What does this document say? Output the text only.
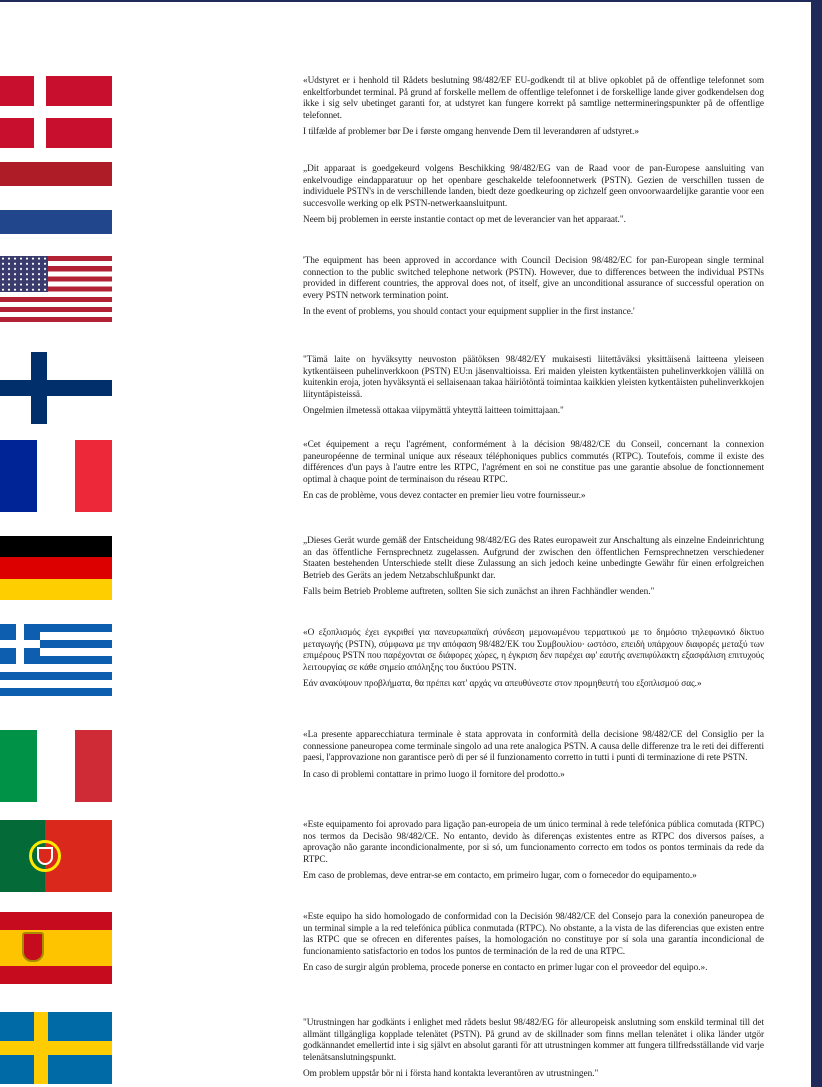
«Udstyret er i henhold til Rådets beslutning 98/482/EF EU-godkendt til at blive opkoblet på de offentlige telefonnet som enkeltforbundet terminal. På grund af forskelle mellem de offentlige telefonnet i de forskellige lande giver godkendelsen dog ikke i sig selv ubetinget garanti for, at udstyret kan fungere korrekt på samtlige nettermineringspunkter på de offentlige telefonnet.

I tilfælde af problemer bør De i første omgang henvende Dem til leverandøren af udstyret.»

„Dit apparaat is goedgekeurd volgens Beschikking 98/482/EG van de Raad voor de pan-Europese aansluiting van enkelvoudige eindapparatuur op het openbare geschakelde telefoonnetwerk (PSTN). Gezien de verschillen tussen de individuele PSTN's in de verschillende landen, biedt deze goedkeuring op zichzelf geen onvoorwaardelijke garantie voor een succesvolle werking op elk PSTN-netwerkaansluitpunt.

Neem bij problemen in eerste instantie contact op met de leverancier van het apparaat.".

'The equipment has been approved in accordance with Council Decision 98/482/EC for pan-European single terminal connection to the public switched telephone network (PSTN). However, due to differences between the individual PSTNs provided in different countries, the approval does not, of itself, give an unconditional assurance of successful operation on every PSTN network termination point.

In the event of problems, you should contact your equipment supplier in the first instance.'

"Tämä laite on hyväksytty neuvoston päätöksen 98/482/EY mukaisesti liitettäväksi yksittäisenä laitteena yleiseen kytkentäiseen puhelinverkkoon (PSTN) EU:n jäsenvaltioissa. Eri maiden yleisten kytkentäisten puhelinverkkojen välillä on kuitenkin eroja, joten hyväksyntä ei sellaisenaan takaa häiriötöntä toimintaa kaikkien yleisten kytkentäisten puhelinverkkojen liityntäpisteissä.

Ongelmien ilmetessä ottakaa viipymättä yhteyttä laitteen toimittajaan."

«Cet équipement a reçu l'agrément, conformément à la décision 98/482/CE du Conseil, concernant la connexion paneuropéenne de terminal unique aux réseaux téléphoniques publics commutés (RTPC). Toutefois, comme il existe des différences d'un pays à l'autre entre les RTPC, l'agrément en soi ne constitue pas une garantie absolue de fonctionnement optimal à chaque point de terminaison du réseau RTPC.

En cas de problème, vous devez contacter en premier lieu votre fournisseur.»

„Dieses Gerät wurde gemäß der Entscheidung 98/482/EG des Rates europaweit zur Anschaltung als einzelne Endeinrichtung an das öffentliche Fernsprechnetz zugelassen. Aufgrund der zwischen den öffentlichen Fernsprechnetzen verschiedener Staaten bestehenden Unterschiede stellt diese Zulassung an sich jedoch keine unbedingte Gewähr für einen erfolgreichen Betrieb des Geräts an jedem Netzabschlußpunkt dar.

Falls beim Betrieb Probleme auftreten, sollten Sie sich zunächst an ihren Fachhändler wenden."

«Ο εξοπλισμός έχει εγκριθεί για πανευρωπαϊκή σύνδεση μεμονωμένου τερματικού με το δημόσιο τηλεφωνικό δίκτυο μεταγωγής (PSTN), σύμφωνα με την απόφαση 98/482/ΕΚ του Συμβουλίου· ωστόσο, επειδή υπάρχουν διαφορές μεταξύ των επιμέρους PSTN που παρέχονται σε διάφορες χώρες, η έγκριση δεν παρέχει αφ' εαυτής ανεπιφύλακτη εξασφάλιση επιτυχούς λειτουργίας σε κάθε σημείο απόληξης του δικτύου PSTN.

Εάν ανακύψουν προβλήματα, θα πρέπει κατ' αρχάς να απευθύνεστε στον προμηθευτή του εξοπλισμού σας.»

«La presente apparecchiatura terminale è stata approvata in conformità della decisione 98/482/CE del Consiglio per la connessione paneuropea come terminale singolo ad una rete analogica PSTN. A causa delle differenze tra le reti dei differenti paesi, l'approvazione non garantisce però di per sé il funzionamento corretto in tutti i punti di terminazione di rete PSTN.

In caso di problemi contattare in primo luogo il fornitore del prodotto.»

«Este equipamento foi aprovado para ligação pan-europeia de um único terminal à rede telefónica pública comutada (RTPC) nos termos da Decisão 98/482/CE. No entanto, devido às diferenças existentes entre as RTPC dos diversos países, a aprovação não garante incondicionalmente, por si só, um funcionamento correcto em todos os pontos terminais da rede da RTPC.

Em caso de problemas, deve entrar-se em contacto, em primeiro lugar, com o fornecedor do equipamento.»

«Este equipo ha sido homologado de conformidad con la Decisión 98/482/CE del Consejo para la conexión paneuropea de un terminal simple a la red telefónica pública conmutada (RTPC). No obstante, a la vista de las diferencias que existen entre las RTPC que se ofrecen en diferentes países, la homologación no constituye por sí sola una garantía incondicional de funcionamiento satisfactorio en todos los puntos de terminación de la red de una RTPC.

En caso de surgir algún problema, procede ponerse en contacto en primer lugar con el proveedor del equipo.».

"Utrustningen har godkänts i enlighet med rådets beslut 98/482/EG för alleuropeisk anslutning som enskild terminal till det allmänt tillgängliga kopplade telenätet (PSTN). På grund av de skillnader som finns mellan telenätet i olika länder utgör godkännandet emellertid inte i sig självt en absolut garanti för att utrustningen kommer att fungera tillfredsställande vid varje telenätsanslutningspunkt.

Om problem uppstår bör ni i första hand kontakta leverantören av utrustningen."
